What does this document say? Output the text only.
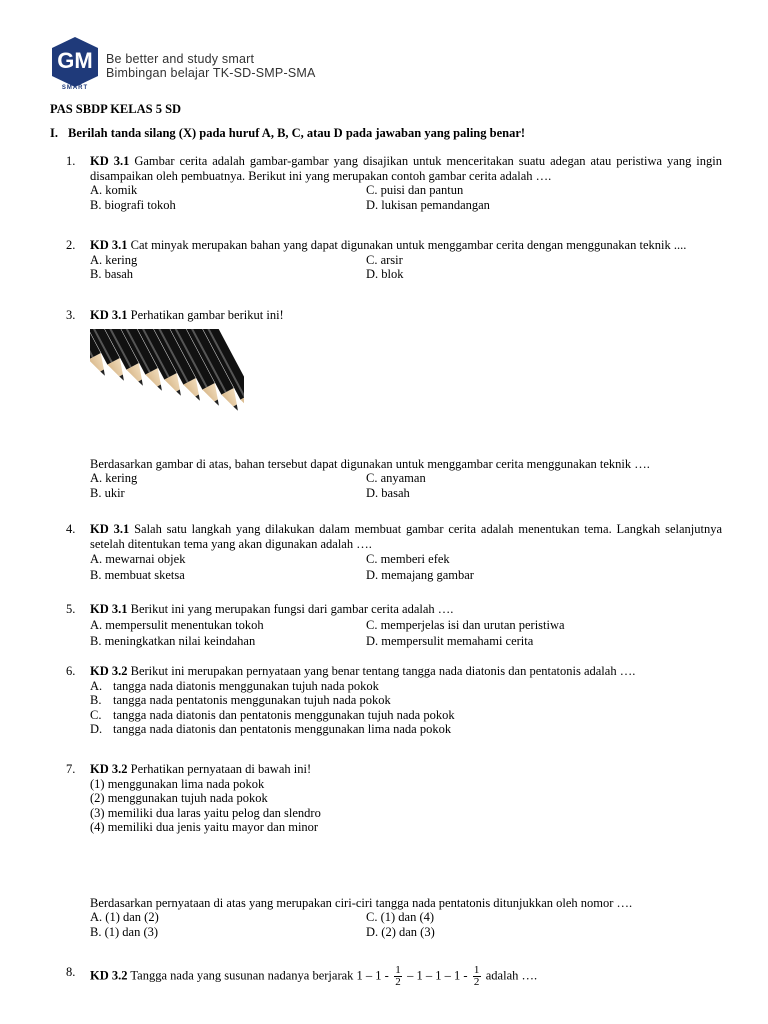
GM
SMART
Be better and study smart
Bimbingan belajar TK-SD-SMP-SMA
PAS SBDP KELAS 5 SD
I. Berilah tanda silang (X) pada huruf A, B, C, atau D pada jawaban yang paling benar!
1.	KD 3.1 Gambar cerita adalah gambar-gambar yang disajikan untuk menceritakan suatu adegan atau peristiwa yang ingin disampaikan oleh pembuatnya. Berikut ini yang merupakan contoh gambar cerita adalah ….
A. komik	C. puisi dan pantun
B. biografi tokoh	D. lukisan pemandangan
2.	KD 3.1 Cat minyak merupakan bahan yang dapat digunakan untuk menggambar cerita dengan menggunakan teknik ....
A. kering	C. arsir
B. basah	D. blok
3.	KD 3.1 Perhatikan gambar berikut ini!
Berdasarkan gambar di atas, bahan tersebut dapat digunakan untuk menggambar cerita menggunakan teknik ….
A. kering	C. anyaman
B. ukir	D. basah
4.	KD 3.1 Salah satu langkah yang dilakukan dalam membuat gambar cerita adalah menentukan tema. Langkah selanjutnya setelah ditentukan tema yang akan digunakan adalah ….
A. mewarnai objek	C. memberi efek
B. membuat sketsa	D. memajang gambar
5.	KD 3.1 Berikut ini yang merupakan fungsi dari gambar cerita adalah ….
A. mempersulit menentukan tokoh	C. memperjelas isi dan urutan peristiwa
B. meningkatkan nilai keindahan	D. mempersulit memahami cerita
6.	KD 3.2 Berikut ini merupakan pernyataan yang benar tentang tangga nada diatonis dan pentatonis adalah ….
A. tangga nada diatonis menggunakan tujuh nada pokok
B. tangga nada pentatonis menggunakan tujuh nada pokok
C. tangga nada diatonis dan pentatonis menggunakan tujuh nada pokok
D. tangga nada diatonis dan pentatonis menggunakan lima nada pokok
7.	KD 3.2 Perhatikan pernyataan di bawah ini!
(1) menggunakan lima nada pokok
(2) menggunakan tujuh nada pokok
(3) memiliki dua laras yaitu pelog dan slendro
(4) memiliki dua jenis yaitu mayor dan minor
Berdasarkan pernyataan di atas yang merupakan ciri-ciri tangga nada pentatonis ditunjukkan oleh nomor ….
A. (1) dan (2)	C. (1) dan (4)
B. (1) dan (3)	D. (2) dan (3)
8.	KD 3.2 Tangga nada yang susunan nadanya berjarak $1 - 1 - \frac{1}{2} - 1 - 1 - 1 - \frac{1}{2}$ adalah ….
